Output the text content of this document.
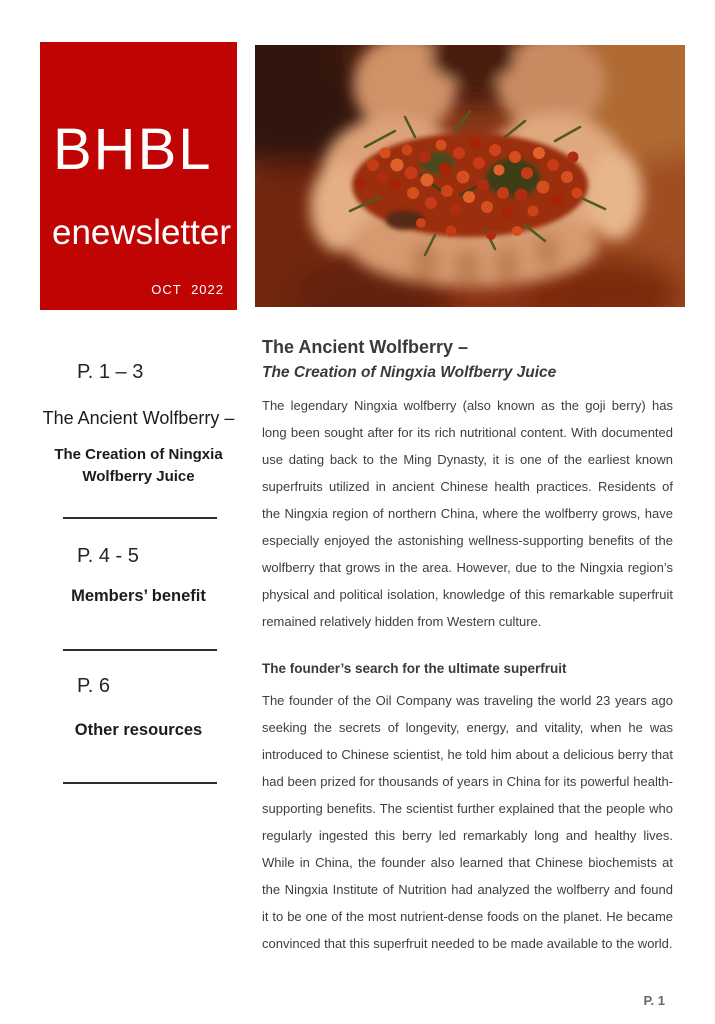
BHBL
enewsletter
OCT 2022
P. 1 – 3
The Ancient Wolfberry –
The Creation of Ningxia
Wolfberry Juice
P. 4 - 5
Members’ benefit
P. 6
Other resources
The Ancient Wolfberry –
The Creation of Ningxia Wolfberry Juice

The legendary Ningxia wolfberry (also known as the goji berry) has long been sought after for its rich nutritional content. With documented use dating back to the Ming Dynasty, it is one of the earliest known superfruits utilized in ancient Chinese health practices. Residents of the Ningxia region of northern China, where the wolfberry grows, have especially enjoyed the astonishing wellness-supporting benefits of the wolfberry that grows in the area. However, due to the Ningxia region’s physical and political isolation, knowledge of this remarkable superfruit remained relatively hidden from Western culture.

The founder’s search for the ultimate superfruit

The founder of the Oil Company was traveling the world 23 years ago seeking the secrets of longevity, energy, and vitality, when he was introduced to Chinese scientist, he told him about a delicious berry that had been prized for thousands of years in China for its powerful health-supporting benefits. The scientist further explained that the people who regularly ingested this berry led remarkably long and healthy lives. While in China, the founder also learned that Chinese biochemists at the Ningxia Institute of Nutrition had analyzed the wolfberry and found it to be one of the most nutrient-dense foods on the planet. He became convinced that this superfruit needed to be made available to the world.

P. 1
